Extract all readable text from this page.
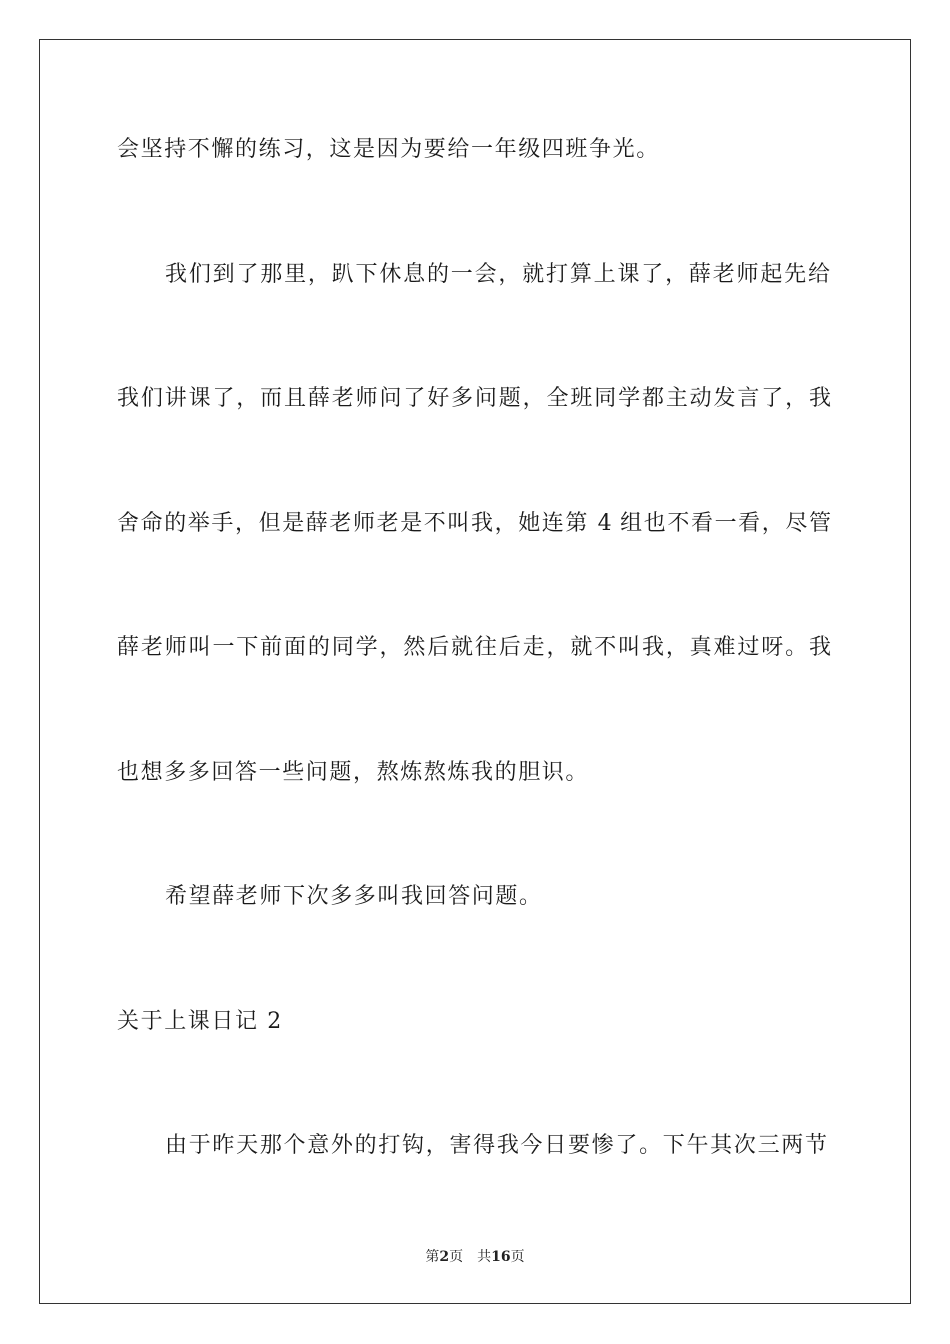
会坚持不懈的练习，这是因为要给一年级四班争光。
我们到了那里，趴下休息的一会，就打算上课了，薛老师起先给
我们讲课了，而且薛老师问了好多问题，全班同学都主动发言了，我
舍命的举手，但是薛老师老是不叫我，她连第 4 组也不看一看，尽管
薛老师叫一下前面的同学，然后就往后走，就不叫我，真难过呀。我
也想多多回答一些问题，熬炼熬炼我的胆识。
希望薛老师下次多多叫我回答问题。
关于上课日记 2
由于昨天那个意外的打钩，害得我今日要惨了。下午其次三两节
第2页 共16页
